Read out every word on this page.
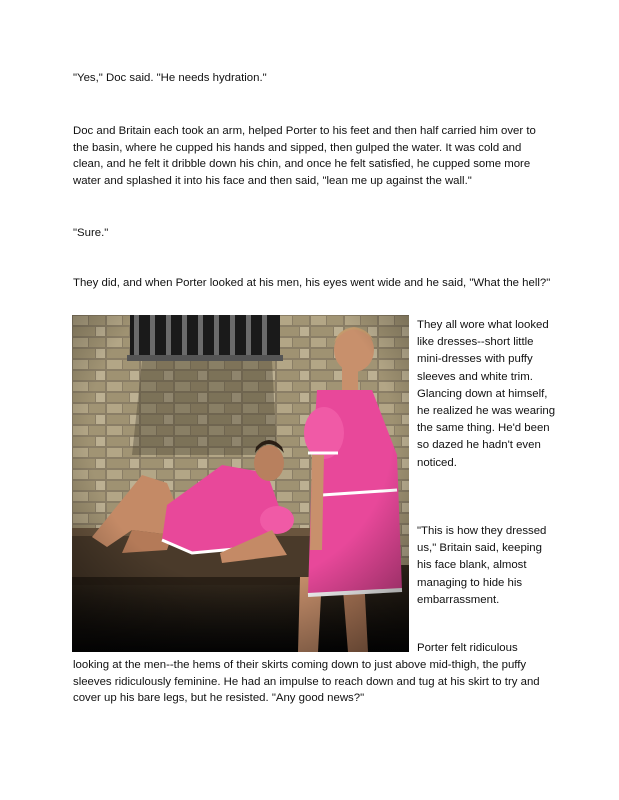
"Yes," Doc said. "He needs hydration."

Doc and Britain each took an arm, helped Porter to his feet and then half carried him over to the basin, where he cupped his hands and sipped, then gulped the water. It was cold and clean, and he felt it dribble down his chin, and once he felt satisfied, he cupped some more water and splashed it into his face and then said, "lean me up against the wall."

"Sure."

They did, and when Porter looked at his men, his eyes went wide and he said, "What the hell?"

They all wore what looked like dresses--short little mini-dresses with puffy sleeves and white trim. Glancing down at himself, he realized he was wearing the same thing. He'd been so dazed he hadn't even noticed.

"This is how they dressed us," Britain said, keeping his face blank, almost managing to hide his embarrassment.

Porter felt ridiculous

looking at the men--the hems of their skirts coming down to just above mid-thigh, the puffy sleeves ridiculously feminine. He had an impulse to reach down and tug at his skirt to try and cover up his bare legs, but he resisted. "Any good news?"
